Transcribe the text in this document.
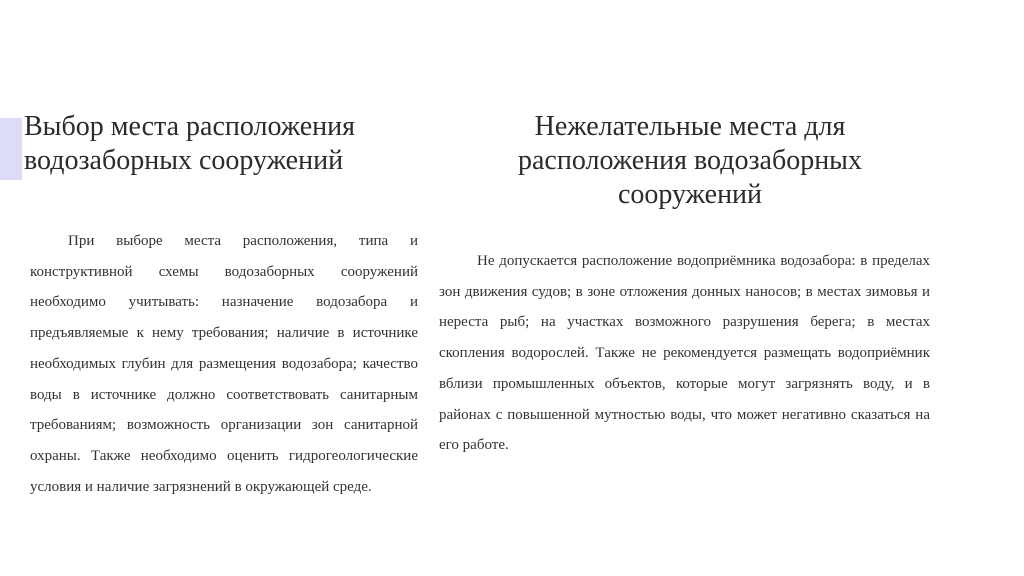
Выбор места расположения водозаборных сооружений

При выборе места расположения, типа и конструктивной схемы водозаборных сооружений необходимо учитывать: назначение водозабора и предъявляемые к нему требования; наличие в источнике необходимых глубин для размещения водозабора; качество воды в источнике должно соответствовать санитарным требованиям; возможность организации зон санитарной охраны. Также необходимо оценить гидрогеологические условия и наличие загрязнений в окружающей среде.

Нежелательные места для расположения водозаборных сооружений

Не допускается расположение водоприёмника водозабора: в пределах зон движения судов; в зоне отложения донных наносов; в местах зимовья и нереста рыб; на участках возможного разрушения берега; в местах скопления водорослей. Также не рекомендуется размещать водоприёмник вблизи промышленных объектов, которые могут загрязнять воду, и в районах с повышенной мутностью воды, что может негативно сказаться на его работе.
